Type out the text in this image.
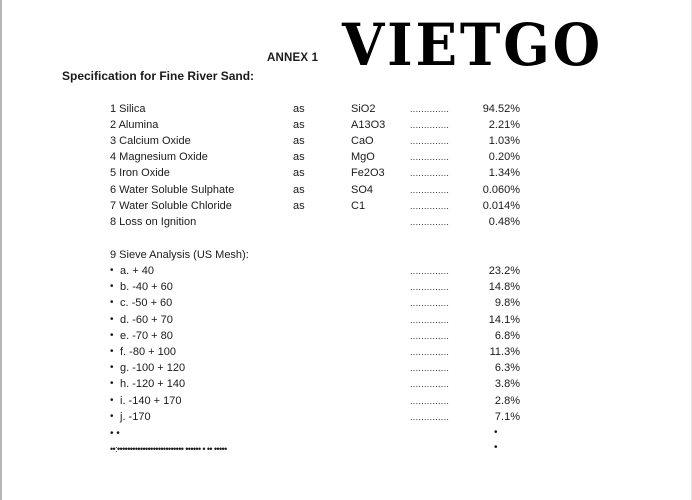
ANNEX 1 VIETGO
Specification for Fine River Sand:
1 Silica	as	SiO2	..............	94.52%
2 Alumina	as	A13O3	..............	2.21%
3 Calcium Oxide	as	CaO	..............	1.03%
4 Magnesium Oxide	as	MgO	..............	0.20%
5 Iron Oxide	as	Fe2O3	..............	1.34%
6 Water Soluble Sulphate	as	SO4	..............	0.060%
7 Water Soluble Chloride	as	C1	..............	0.014%
8 Loss on Ignition	..............	0.48%
9 Sieve Analysis (US Mesh):
• a. + 40	..............	23.2%
• b. -40 + 60	..............	14.8%
• c. -50 + 60	..............	9.8%
• d. -60 + 70	..............	14.1%
• e. -70 + 80	..............	6.8%
• f. -80 + 100	..............	11.3%
• g. -100 + 120	..............	6.3%
• h. -120 + 140	..............	3.8%
• i. -140 + 170	..............	2.8%
• j. -170	..............	7.1%
• •	•
•
••:•••••••••••••••••••••••••• •••••• • •• •••••
